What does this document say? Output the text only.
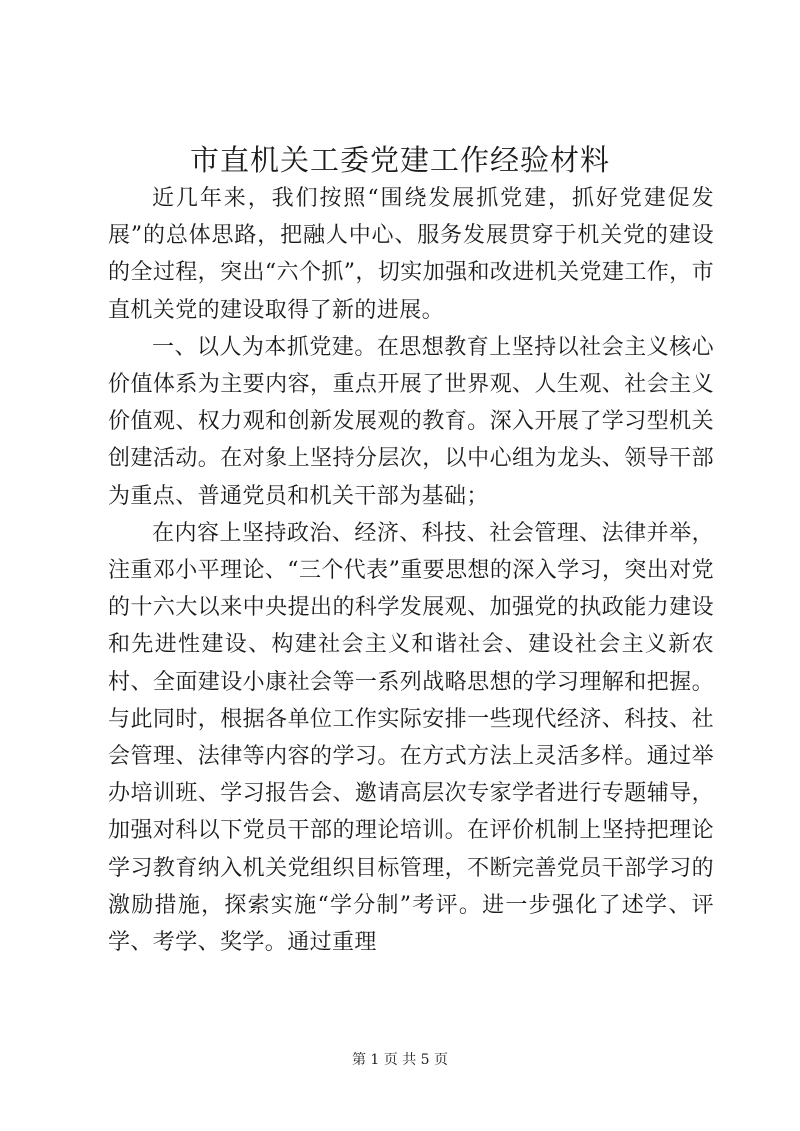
市直机关工委党建工作经验材料

近几年来，我们按照“围绕发展抓党建，抓好党建促发展”的总体思路，把融人中心、服务发展贯穿于机关党的建设的全过程，突出“六个抓”，切实加强和改进机关党建工作，市直机关党的建设取得了新的进展。

一、以人为本抓党建。在思想教育上坚持以社会主义核心价值体系为主要内容，重点开展了世界观、人生观、社会主义价值观、权力观和创新发展观的教育。深入开展了学习型机关创建活动。在对象上坚持分层次，以中心组为龙头、领导干部为重点、普通党员和机关干部为基础；

在内容上坚持政治、经济、科技、社会管理、法律并举，注重邓小平理论、“三个代表”重要思想的深入学习，突出对党的十六大以来中央提出的科学发展观、加强党的执政能力建设和先进性建设、构建社会主义和谐社会、建设社会主义新农村、全面建设小康社会等一系列战略思想的学习理解和把握。与此同时，根据各单位工作实际安排一些现代经济、科技、社会管理、法律等内容的学习。在方式方法上灵活多样。通过举办培训班、学习报告会、邀请高层次专家学者进行专题辅导，加强对科以下党员干部的理论培训。在评价机制上坚持把理论学习教育纳入机关党组织目标管理，不断完善党员干部学习的激励措施，探索实施“学分制”考评。进一步强化了述学、评学、考学、奖学。通过重理

第 1 页 共 5 页
